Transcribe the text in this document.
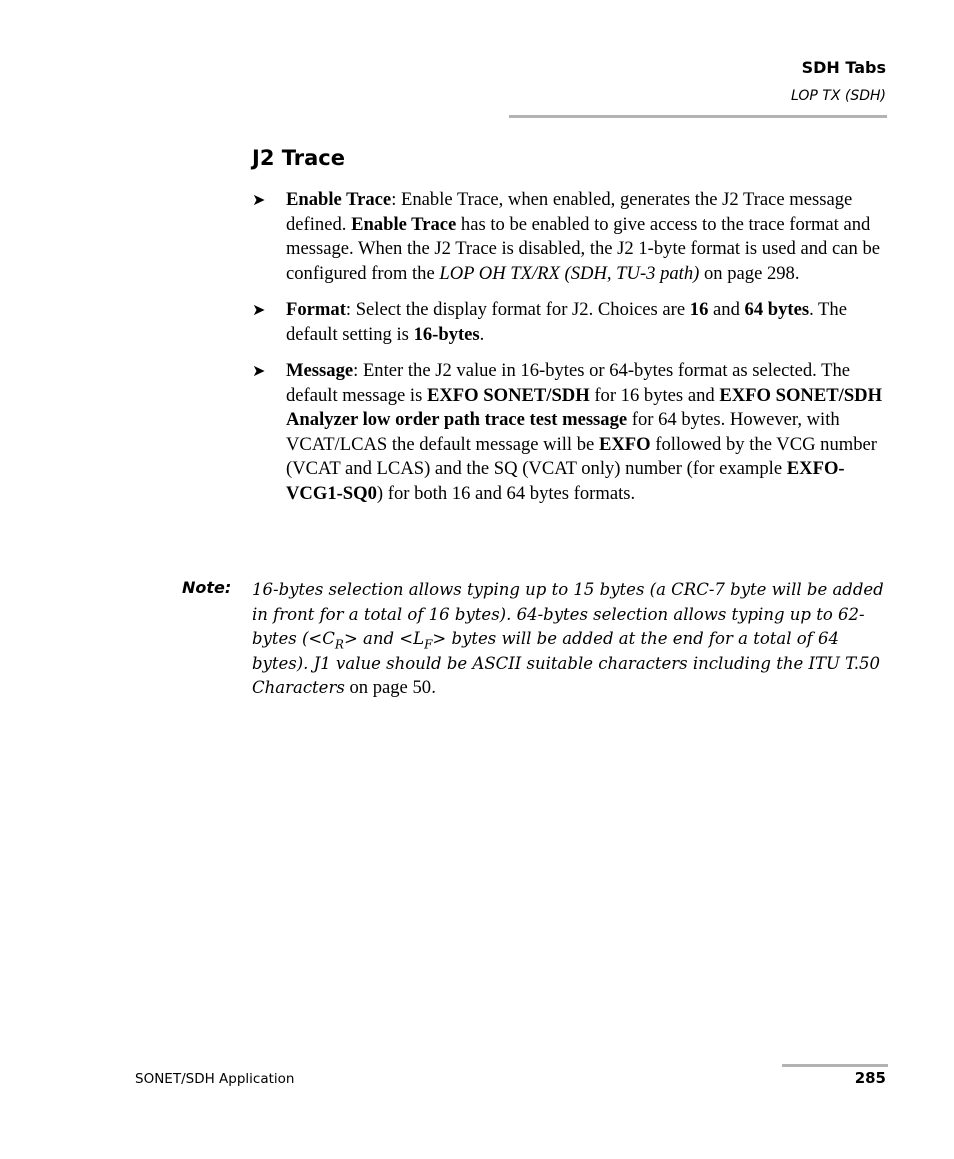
SDH Tabs
LOP TX (SDH)
J2 Trace
➤ Enable Trace: Enable Trace, when enabled, generates the J2 Trace message defined. Enable Trace has to be enabled to give access to the trace format and message. When the J2 Trace is disabled, the J2 1-byte format is used and can be configured from the LOP OH TX/RX (SDH, TU-3 path) on page 298.
➤ Format: Select the display format for J2. Choices are 16 and 64 bytes. The default setting is 16-bytes.
➤ Message: Enter the J2 value in 16-bytes or 64-bytes format as selected. The default message is EXFO SONET/SDH for 16 bytes and EXFO SONET/SDH Analyzer low order path trace test message for 64 bytes. However, with VCAT/LCAS the default message will be EXFO followed by the VCG number (VCAT and LCAS) and the SQ (VCAT only) number (for example EXFO-VCG1-SQ0) for both 16 and 64 bytes formats.
Note: 16-bytes selection allows typing up to 15 bytes (a CRC-7 byte will be added in front for a total of 16 bytes). 64-bytes selection allows typing up to 62-bytes ($<C_R>$ and $<L_F>$ bytes will be added at the end for a total of 64 bytes). J1 value should be ASCII suitable characters including the ITU T.50 Characters on page 50.

SONET/SDH Application	285
